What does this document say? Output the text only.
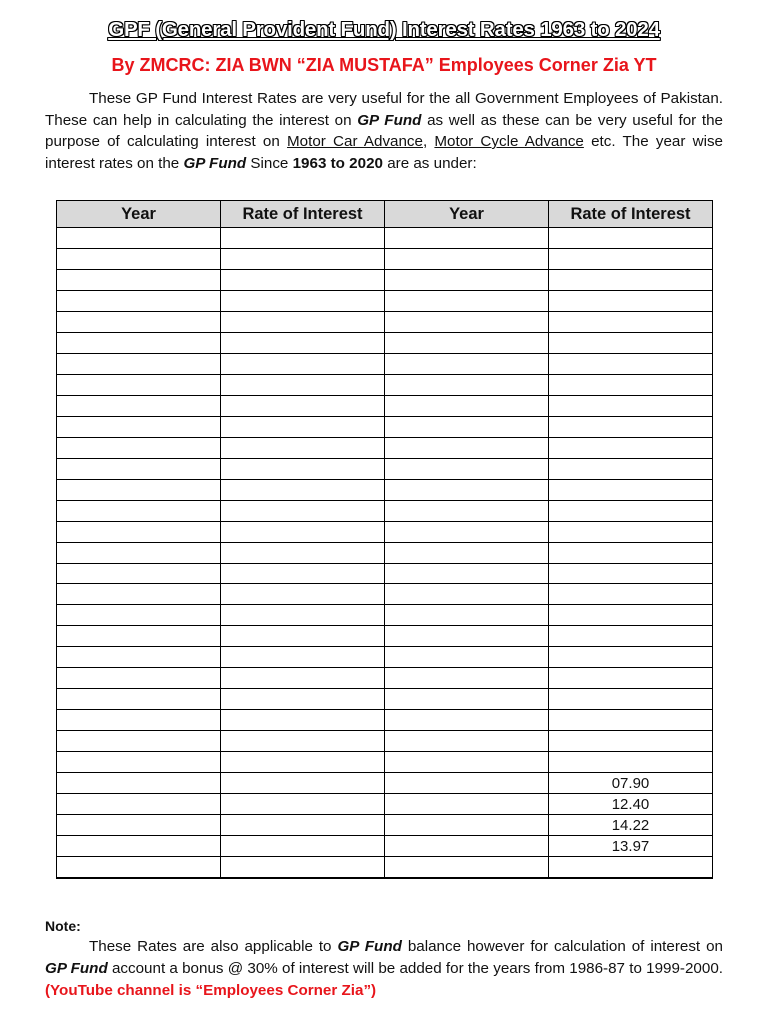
GPF (General Provident Fund) Interest Rates 1963 to 2024
By ZMCRC: ZIA BWN “ZIA MUSTAFA” Employees Corner Zia YT

These GP Fund Interest Rates are very useful for the all Government Employees of Pakistan. These can help in calculating the interest on GP Fund as well as these can be very useful for the purpose of calculating interest on Motor Car Advance, Motor Cycle Advance etc. The year wise interest rates on the GP Fund Since 1963 to 2020 are as under:

Year	Rate of Interest	Year	Rate of Interest

			07.90
			12.40
			14.22
			13.97

Note:

These Rates are also applicable to GP Fund balance however for calculation of interest on GP Fund account a bonus @ 30% of interest will be added for the years from 1986-87 to 1999-2000. (YouTube channel is “Employees Corner Zia”)
